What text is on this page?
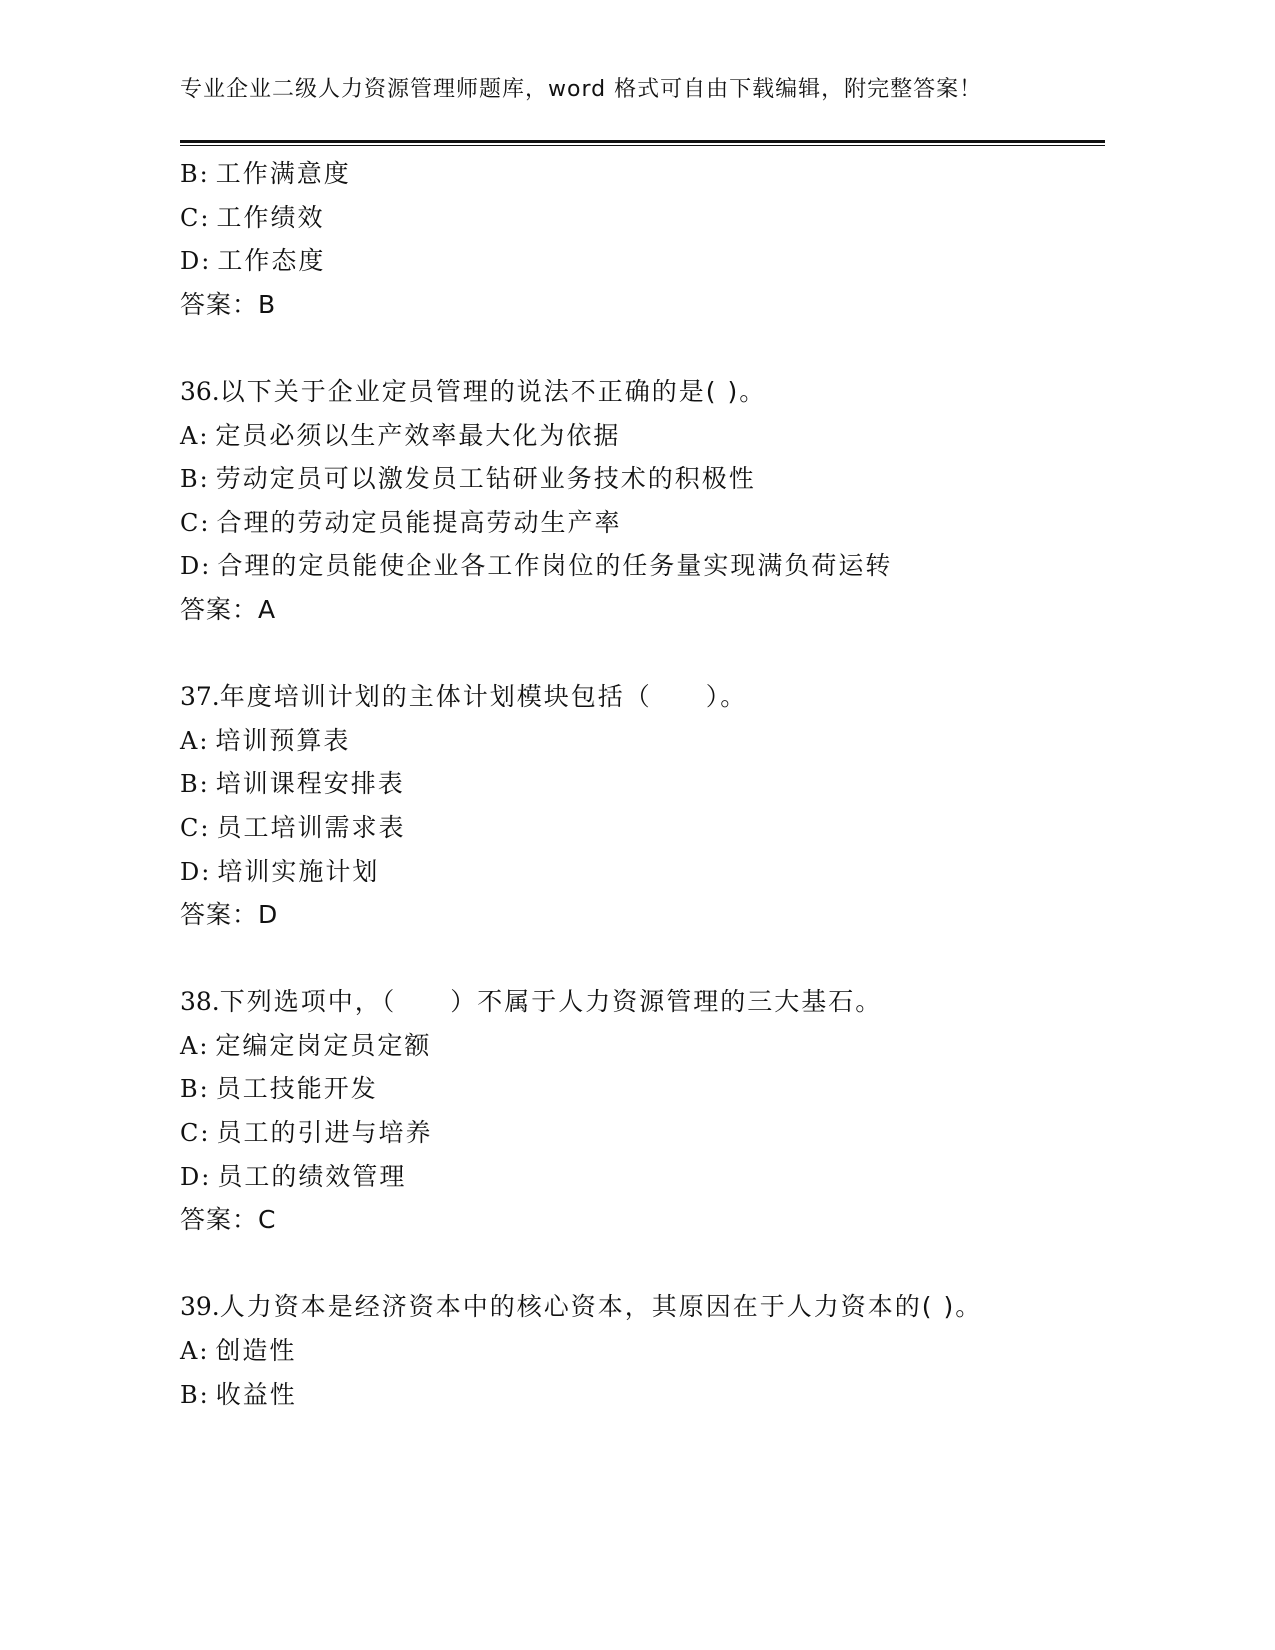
专业企业二级人力资源管理师题库，word 格式可自由下载编辑，附完整答案！
B: 工作满意度
C: 工作绩效
D: 工作态度
答案：B
36.以下关于企业定员管理的说法不正确的是( )。
A: 定员必须以生产效率最大化为依据
B: 劳动定员可以激发员工钻研业务技术的积极性
C: 合理的劳动定员能提高劳动生产率
D: 合理的定员能使企业各工作岗位的任务量实现满负荷运转
答案：A
37.年度培训计划的主体计划模块包括（　　）。
A: 培训预算表
B: 培训课程安排表
C: 员工培训需求表
D: 培训实施计划
答案：D
38.下列选项中，（　　）不属于人力资源管理的三大基石。
A: 定编定岗定员定额
B: 员工技能开发
C: 员工的引进与培养
D: 员工的绩效管理
答案：C
39.人力资本是经济资本中的核心资本，其原因在于人力资本的( )。
A: 创造性
B: 收益性
